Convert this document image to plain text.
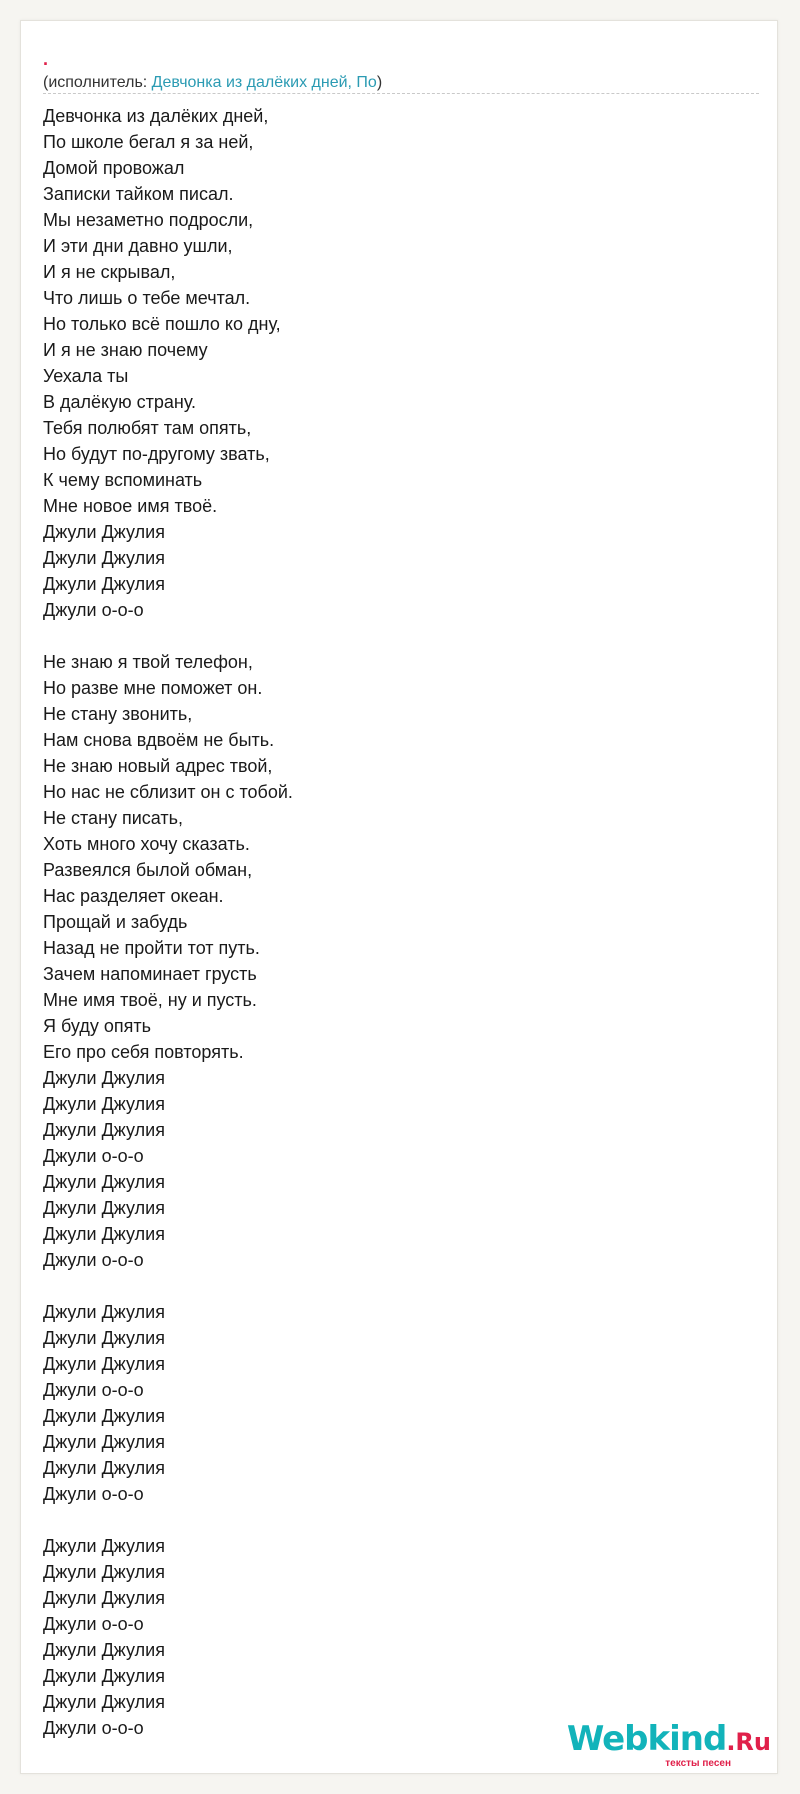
.
(исполнитель: Девчонка из далёких дней, По)
Девчонка из далёких дней,
По школе бегал я за ней,
Домой провожал
Записки тайком писал.
Мы незаметно подросли,
И эти дни давно ушли,
И я не скрывал,
Что лишь о тебе мечтал.
Но только всё пошло ко дну,
И я не знаю почему
Уехала ты
В далёкую страну.
Тебя полюбят там опять,
Но будут по-другому звать,
К чему вспоминать
Мне новое имя твоё.
Джули Джулия
Джули Джулия
Джули Джулия
Джули о-о-о
Не знаю я твой телефон,
Но разве мне поможет он.
Не стану звонить,
Нам снова вдвоём не быть.
Не знаю новый адрес твой,
Но нас не сблизит он с тобой.
Не стану писать,
Хоть много хочу сказать.
Развеялся былой обман,
Нас разделяет океан.
Прощай и забудь
Назад не пройти тот путь.
Зачем напоминает грусть
Мне имя твоё, ну и пусть.
Я буду опять
Его про себя повторять.
Джули Джулия
Джули Джулия
Джули Джулия
Джули о-о-о
Джули Джулия
Джули Джулия
Джули Джулия
Джули о-о-о
Джули Джулия
Джули Джулия
Джули Джулия
Джули о-о-о
Джули Джулия
Джули Джулия
Джули Джулия
Джули о-о-о
Джули Джулия
Джули Джулия
Джули Джулия
Джули о-о-о
Джули Джулия
Джули Джулия
Джули Джулия
Джули о-о-о	Webkind.Ru
тексты песен
